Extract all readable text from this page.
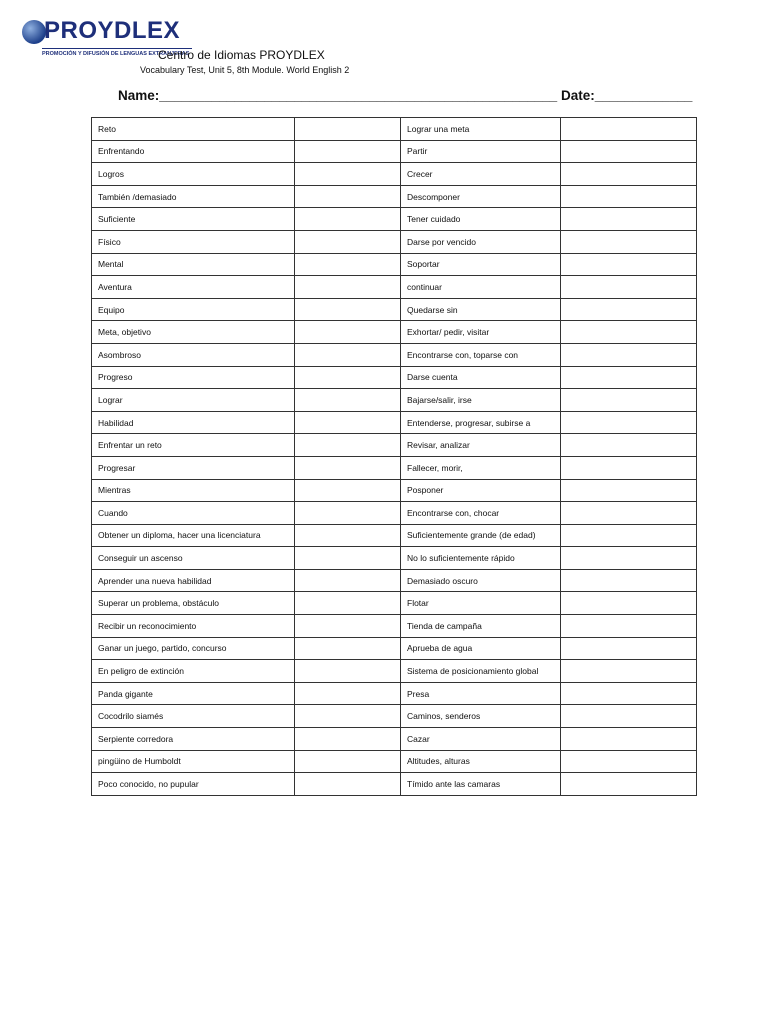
PROYDLEX
PROMOCIÓN Y DIFUSIÓN DE LENGUAS EXTRANJERAS
Centro de Idiomas PROYDLEX
Vocabulary Test, Unit 5, 8th Module. World English 2
Name:_____________________________________________________ Date:_____________
Reto		Lograr una meta	
Enfrentando		Partir	
Logros		Crecer	
También /demasiado		Descomponer	
Suficiente		Tener cuidado	
Físico		Darse por vencido	
Mental		Soportar	
Aventura		continuar	
Equipo		Quedarse sin	
Meta, objetivo		Exhortar/ pedir, visitar	
Asombroso		Encontrarse con, toparse con	
Progreso		Darse cuenta	
Lograr		Bajarse/salir, irse	
Habilidad		Entenderse, progresar, subirse a	
Enfrentar un reto		Revisar, analizar	
Progresar		Fallecer, morir,	
Mientras		Posponer	
Cuando		Encontrarse con, chocar	
Obtener un diploma, hacer una licenciatura		Suficientemente grande (de edad)	
Conseguir un ascenso		No lo suficientemente rápido	
Aprender una nueva habilidad		Demasiado oscuro	
Superar un problema, obstáculo		Flotar	
Recibir un reconocimiento		Tienda de campaña	
Ganar un juego, partido, concurso		Aprueba de agua	
En peligro de extinción		Sistema de posicionamiento global	
Panda gigante		Presa	
Cocodrilo siamés		Caminos, senderos	
Serpiente corredora		Cazar	
pingüino de Humboldt		Altitudes, alturas	
Poco conocido, no pupular		Tímido ante las camaras	
